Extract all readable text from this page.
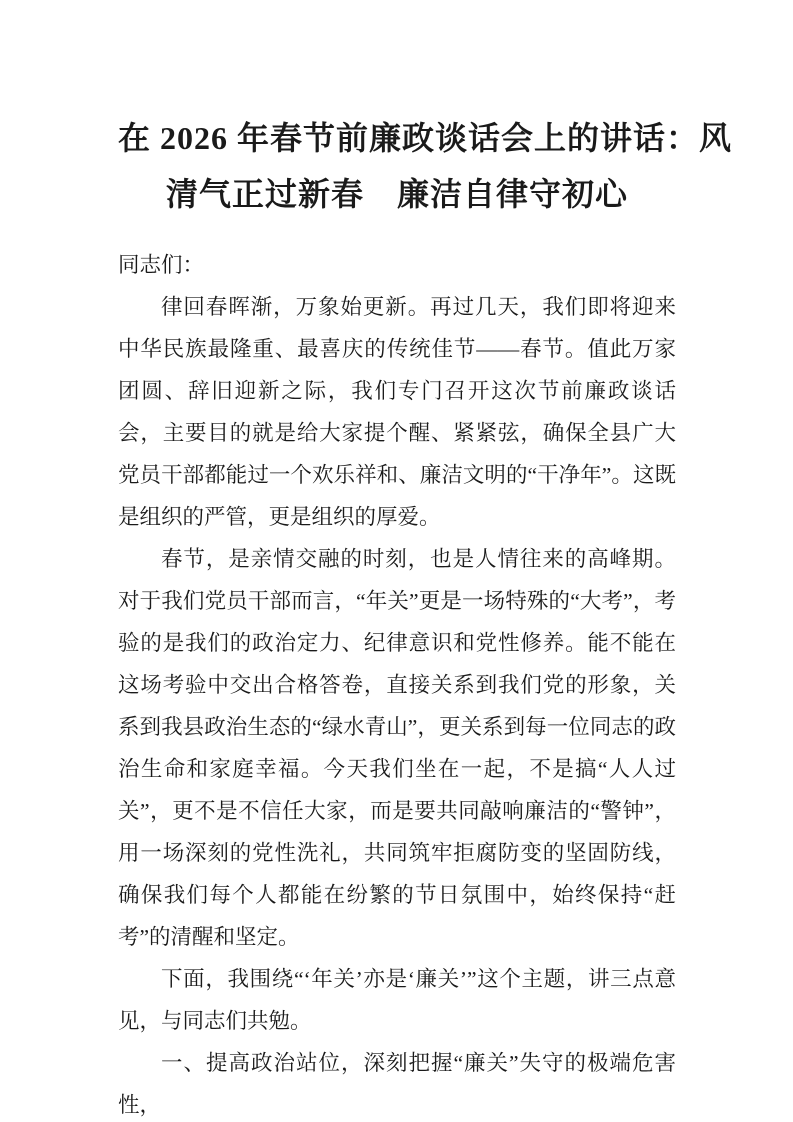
在 2026 年春节前廉政谈话会上的讲话：风
清气正过新春　廉洁自律守初心

同志们：

律回春晖渐，万象始更新。再过几天，我们即将迎来中华民族最隆重、最喜庆的传统佳节——春节。值此万家团圆、辞旧迎新之际，我们专门召开这次节前廉政谈话会，主要目的就是给大家提个醒、紧紧弦，确保全县广大党员干部都能过一个欢乐祥和、廉洁文明的“干净年”。这既是组织的严管，更是组织的厚爱。

春节，是亲情交融的时刻，也是人情往来的高峰期。对于我们党员干部而言，“年关”更是一场特殊的“大考”，考验的是我们的政治定力、纪律意识和党性修养。能不能在这场考验中交出合格答卷，直接关系到我们党的形象，关系到我县政治生态的“绿水青山”，更关系到每一位同志的政治生命和家庭幸福。今天我们坐在一起，不是搞“人人过关”，更不是不信任大家，而是要共同敲响廉洁的“警钟”，用一场深刻的党性洗礼，共同筑牢拒腐防变的坚固防线，确保我们每个人都能在纷繁的节日氛围中，始终保持“赶考”的清醒和坚定。

下面，我围绕“‘年关’亦是‘廉关’”这个主题，讲三点意见，与同志们共勉。

一、提高政治站位，深刻把握“廉关”失守的极端危害性，
